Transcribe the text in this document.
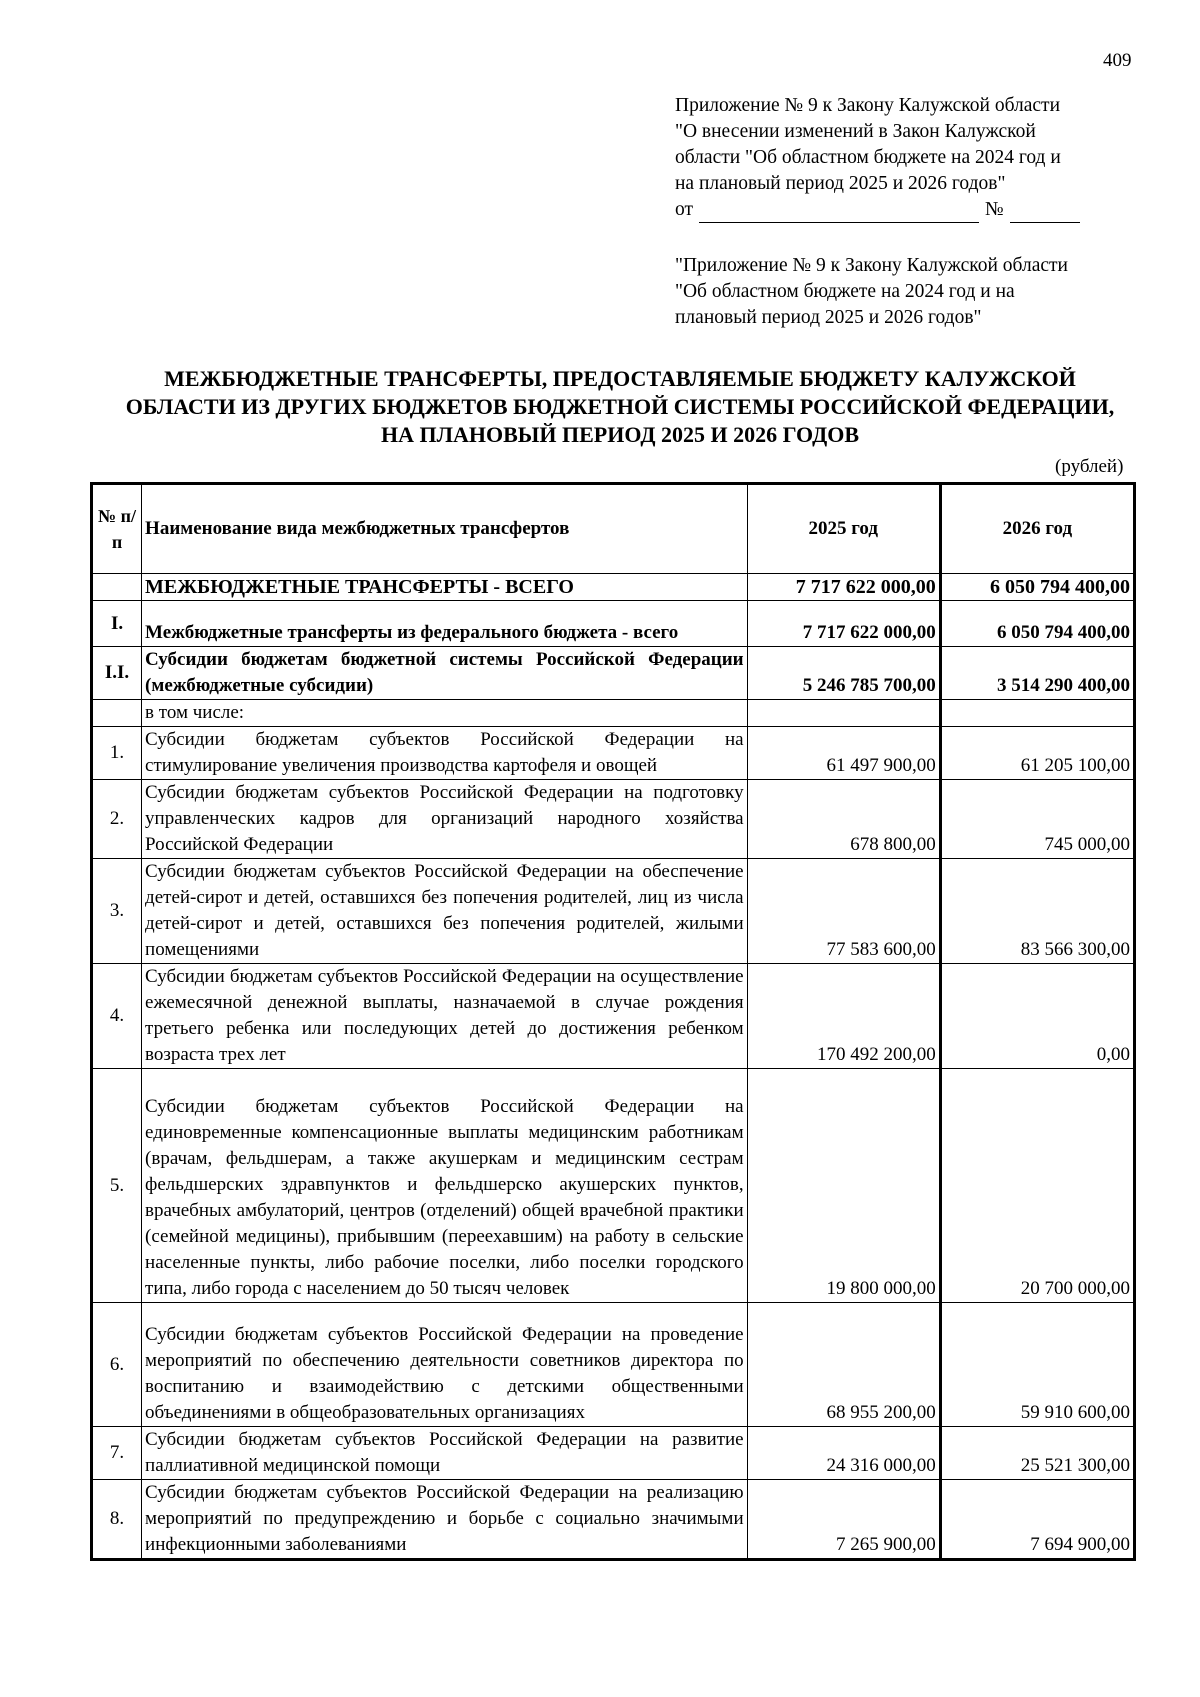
409
Приложение № 9 к Закону Калужской области
"О внесении изменений в Закон Калужской
области "Об областном бюджете на 2024 год и
на плановый период 2025 и 2026 годов"
от	№
"Приложение № 9 к Закону Калужской области
"Об областном бюджете на 2024 год и на
плановый период 2025 и 2026 годов"
МЕЖБЮДЖЕТНЫЕ ТРАНСФЕРТЫ, ПРЕДОСТАВЛЯЕМЫЕ БЮДЖЕТУ КАЛУЖСКОЙ
ОБЛАСТИ ИЗ ДРУГИХ БЮДЖЕТОВ БЮДЖЕТНОЙ СИСТЕМЫ РОССИЙСКОЙ ФЕДЕРАЦИИ,
НА ПЛАНОВЫЙ ПЕРИОД 2025 И 2026 ГОДОВ
(рублей)
№ п/п	Наименование вида межбюджетных трансфертов	2025 год	2026 год
	МЕЖБЮДЖЕТНЫЕ ТРАНСФЕРТЫ - ВСЕГО	7 717 622 000,00	6 050 794 400,00
I.	Межбюджетные трансферты из федерального бюджета - всего	7 717 622 000,00	6 050 794 400,00
I.I.	Субсидии бюджетам бюджетной системы Российской Федерации (межбюджетные субсидии)	5 246 785 700,00	3 514 290 400,00
	в том числе:		
1.	Субсидии бюджетам субъектов Российской Федерации на стимулирование увеличения производства картофеля и овощей	61 497 900,00	61 205 100,00
2.	Субсидии бюджетам субъектов Российской Федерации на подготовку управленческих кадров для организаций народного хозяйства Российской Федерации	678 800,00	745 000,00
3.	Субсидии бюджетам субъектов Российской Федерации на обеспечение детей-сирот и детей, оставшихся без попечения родителей, лиц из числа детей-сирот и детей, оставшихся без попечения родителей, жилыми помещениями	77 583 600,00	83 566 300,00
4.	Субсидии бюджетам субъектов Российской Федерации на осуществление ежемесячной денежной выплаты, назначаемой в случае рождения третьего ребенка или последующих детей до достижения ребенком возраста трех лет	170 492 200,00	0,00
5.	Субсидии бюджетам субъектов Российской Федерации на единовременные компенсационные выплаты медицинским работникам (врачам, фельдшерам, а также акушеркам и медицинским сестрам фельдшерских здравпунктов и фельдшерско акушерских пунктов, врачебных амбулаторий, центров (отделений) общей врачебной практики (семейной медицины), прибывшим (переехавшим) на работу в сельские населенные пункты, либо рабочие поселки, либо поселки городского типа, либо города с населением до 50 тысяч человек	19 800 000,00	20 700 000,00
6.	Субсидии бюджетам субъектов Российской Федерации на проведение мероприятий по обеспечению деятельности советников директора по воспитанию и взаимодействию с детскими общественными объединениями в общеобразовательных организациях	68 955 200,00	59 910 600,00
7.	Субсидии бюджетам субъектов Российской Федерации на развитие паллиативной медицинской помощи	24 316 000,00	25 521 300,00
8.	Субсидии бюджетам субъектов Российской Федерации на реализацию мероприятий по предупреждению и борьбе с социально значимыми инфекционными заболеваниями	7 265 900,00	7 694 900,00
